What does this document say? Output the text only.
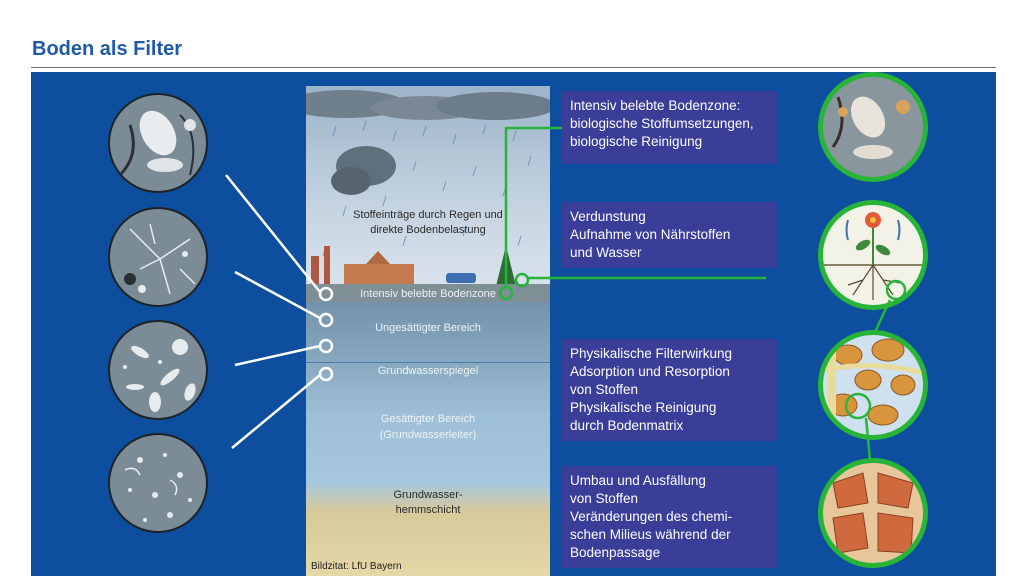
Boden als Filter
Stoffeinträge durch Regen und
direkte Bodenbelastung
Intensiv belebte Bodenzone
Ungesättigter Bereich
Grundwasserspiegel
Gesättigter Bereich
(Grundwasserleiter)
Grundwasser-
hemmschicht
Bildzitat: LfU Bayern
Intensiv belebte Bodenzone:
biologische Stoffumsetzungen,
biologische Reinigung
Verdunstung
Aufnahme von Nährstoffen
und Wasser
Physikalische Filterwirkung
Adsorption und Resorption
von Stoffen
Physikalische Reinigung
durch Bodenmatrix
Umbau und Ausfällung
von Stoffen
Veränderungen des chemi-
schen Milieus während der
Bodenpassage
